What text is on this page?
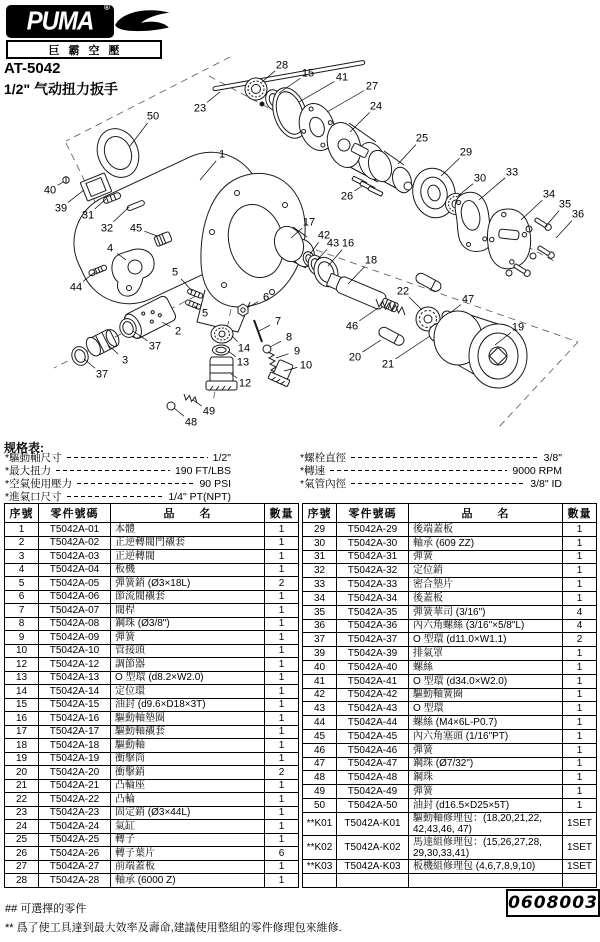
PUMA ®
巨霸空壓
AT-5042
1/2" 气动扭力扳手
50
23
28
15 41
27
24
25
26
29
30 33
34
35
36
1
40
39
31
32 45
4
44
5
5
2
37
3
37
17
42
43 16
18
46
22
47
20
21
19
6
7
8
9
10
14
13
12
49
48
规格表:
*驅動軸尺寸	1/2"
*最大扭力	190 FT/LBS
*空氣使用壓力	90 PSI
*進氣口尺寸	1/4" PT(NPT)
*螺栓直徑	3/8"
*轉速	9000 RPM
*氣管內徑	3/8" ID
序號	零件號碼	品　　名	數量
1	T5042A-01	本體	1
2	T5042A-02	正逆轉閥門襯套	1
3	T5042A-03	正逆轉閥	1
4	T5042A-04	板機	1
5	T5042A-05	彈簧銷 (Ø3×18L)	2
6	T5042A-06	節流閥襯套	1
7	T5042A-07	閥桿	1
8	T5042A-08	鋼珠 (Ø3/8")	1
9	T5042A-09	彈簧	1
10	T5042A-10	管接頭	1
12	T5042A-12	調節器	1
13	T5042A-13	O 型環 (d8.2×W2.0)	1
14	T5042A-14	定位環	1
15	T5042A-15	油封 (d9.6×D18×3T)	1
16	T5042A-16	驅動軸墊圈	1
17	T5042A-17	驅動軸襯套	1
18	T5042A-18	驅動軸	1
19	T5042A-19	衝擊筒	1
20	T5042A-20	衝擊銷	2
21	T5042A-21	凸輪座	1
22	T5042A-22	凸輪	1
23	T5042A-23	固定銷 (Ø3×44L)	1
24	T5042A-24	氣缸	1
25	T5042A-25	轉子	1
26	T5042A-26	轉子葉片	6
27	T5042A-27	前端蓋板	1
28	T5042A-28	軸承 (6000 Z)	1
序號	零件號碼	品　　名	數量
29	T5042A-29	後端蓋板	1
30	T5042A-30	軸承 (609 ZZ)	1
31	T5042A-31	彈簧	1
32	T5042A-32	定位銷	1
33	T5042A-33	密合墊片	1
34	T5042A-34	後蓋板	1
35	T5042A-35	彈簧華司 (3/16")	4
36	T5042A-36	內六角螺絲 (3/16"×5/8"L)	4
37	T5042A-37	O 型環 (d11.0×W1.1)	2
39	T5042A-39	排氣罩	1
40	T5042A-40	螺絲	1
41	T5042A-41	O 型環 (d34.0×W2.0)	1
42	T5042A-42	驅動軸簧圈	1
43	T5042A-43	O 型環	1
44	T5042A-44	螺絲 (M4×6L-P0.7)	1
45	T5042A-45	內六角塞頭 (1/16"PT)	1
46	T5042A-46	彈簧	1
47	T5042A-47	鋼珠 (Ø7/32")	1
48	T5042A-48	鋼珠	1
49	T5042A-49	彈簧	1
50	T5042A-50	油封 (d16.5×D25×5T)	1
**K01	T5042A-K01	驅動軸修理包：(18,20,21,22, 42,43,46, 47)	1SET
**K02	T5042A-K02	馬達組修理包：(15,26,27,28, 29,30,33,41)	1SET
**K03	T5042A-K03	板機組修理包 (4,6,7,8,9,10)	1SET

## 可選擇的零件
** 爲了使工具達到最大效率及壽命,建議使用整組的零件修理包來維修.
0608003
